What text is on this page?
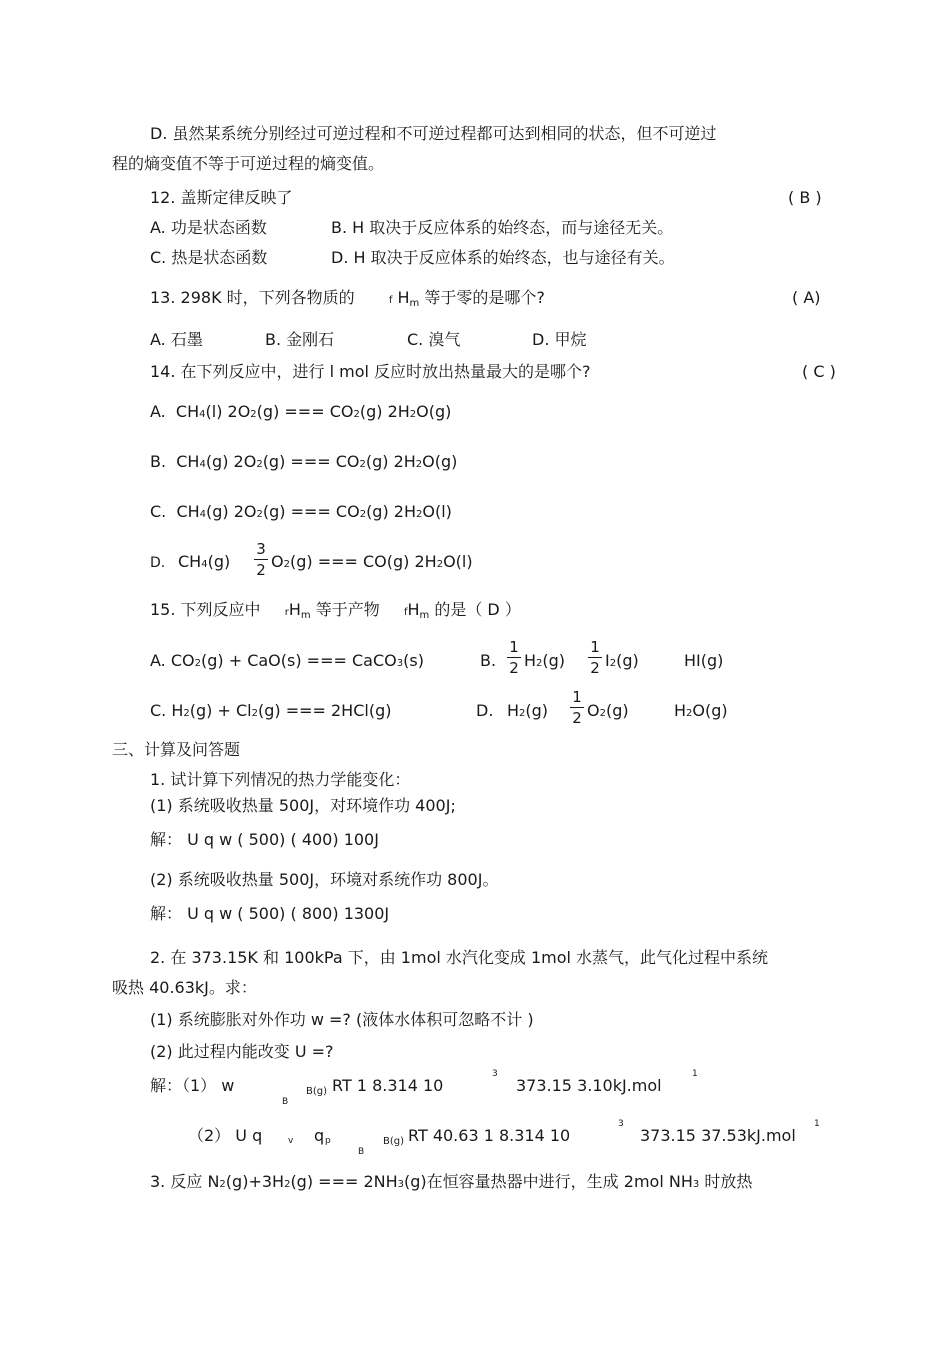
D. 虽然某系统分别经过可逆过程和不可逆过程都可达到相同的状态，但不可逆过
程的熵变值不等于可逆过程的熵变值。
12. 盖斯定律反映了	( B )
A. 功是状态函数	B. H 取决于反应体系的始终态，而与途径无关。
C. 热是状态函数	D. H 取决于反应体系的始终态，也与途径有关。
13. 298K 时，下列各物质的	f Hm 等于零的是哪个?	( A)
A. 石墨	B. 金刚石	C. 溴气	D. 甲烷
14. 在下列反应中，进行 l mol 反应时放出热量最大的是哪个?	( C )
A. CH4(l) 2O2(g) === CO2(g) 2H2O(g)
B. CH4(g) 2O2(g) === CO2(g) 2H2O(g)
C. CH4(g) 2O2(g) === CO2(g) 2H2O(l)
D. CH4(g)
3
2 O2(g) === CO(g) 2H2O(l)
15. 下列反应中 rHm 等于产物 fHm 的是（ D ）
A. CO2(g) + CaO(s) === CaCO3(s)	B.
1
2 H2(g)
1
2 I2(g)	HI(g)
C. H2(g) + Cl2(g) === 2HCl(g)	D. H2(g)
1
2 O2(g)	H2O(g)
三、计算及问答题
1. 试计算下列情况的热力学能变化：
(1) 系统吸收热量 500J，对环境作功 400J;
解： U q w ( 500) ( 400) 100J
(2) 系统吸收热量 500J，环境对系统作功 800J。
解： U q w ( 500) ( 800) 1300J
2. 在 373.15K 和 100kPa 下，由 1mol 水汽化变成 1mol 水蒸气，此气化过程中系统
吸热 40.63kJ。求：
(1) 系统膨胀对外作功 w =? (液体水体积可忽略不计 )
(2) 此过程内能改变 U =?
解：（1） w	B(g) RT 1 8.314 10
3
373.15 3.10kJ.mol
1
B
（2） U q	v q p	B(g) RT 40.63 1 8.314 10
3
373.15 37.53kJ.mol
1
B
3. 反应 N2(g)+3H2(g) === 2NH3(g)在恒容量热器中进行，生成 2mol NH3 时放热
